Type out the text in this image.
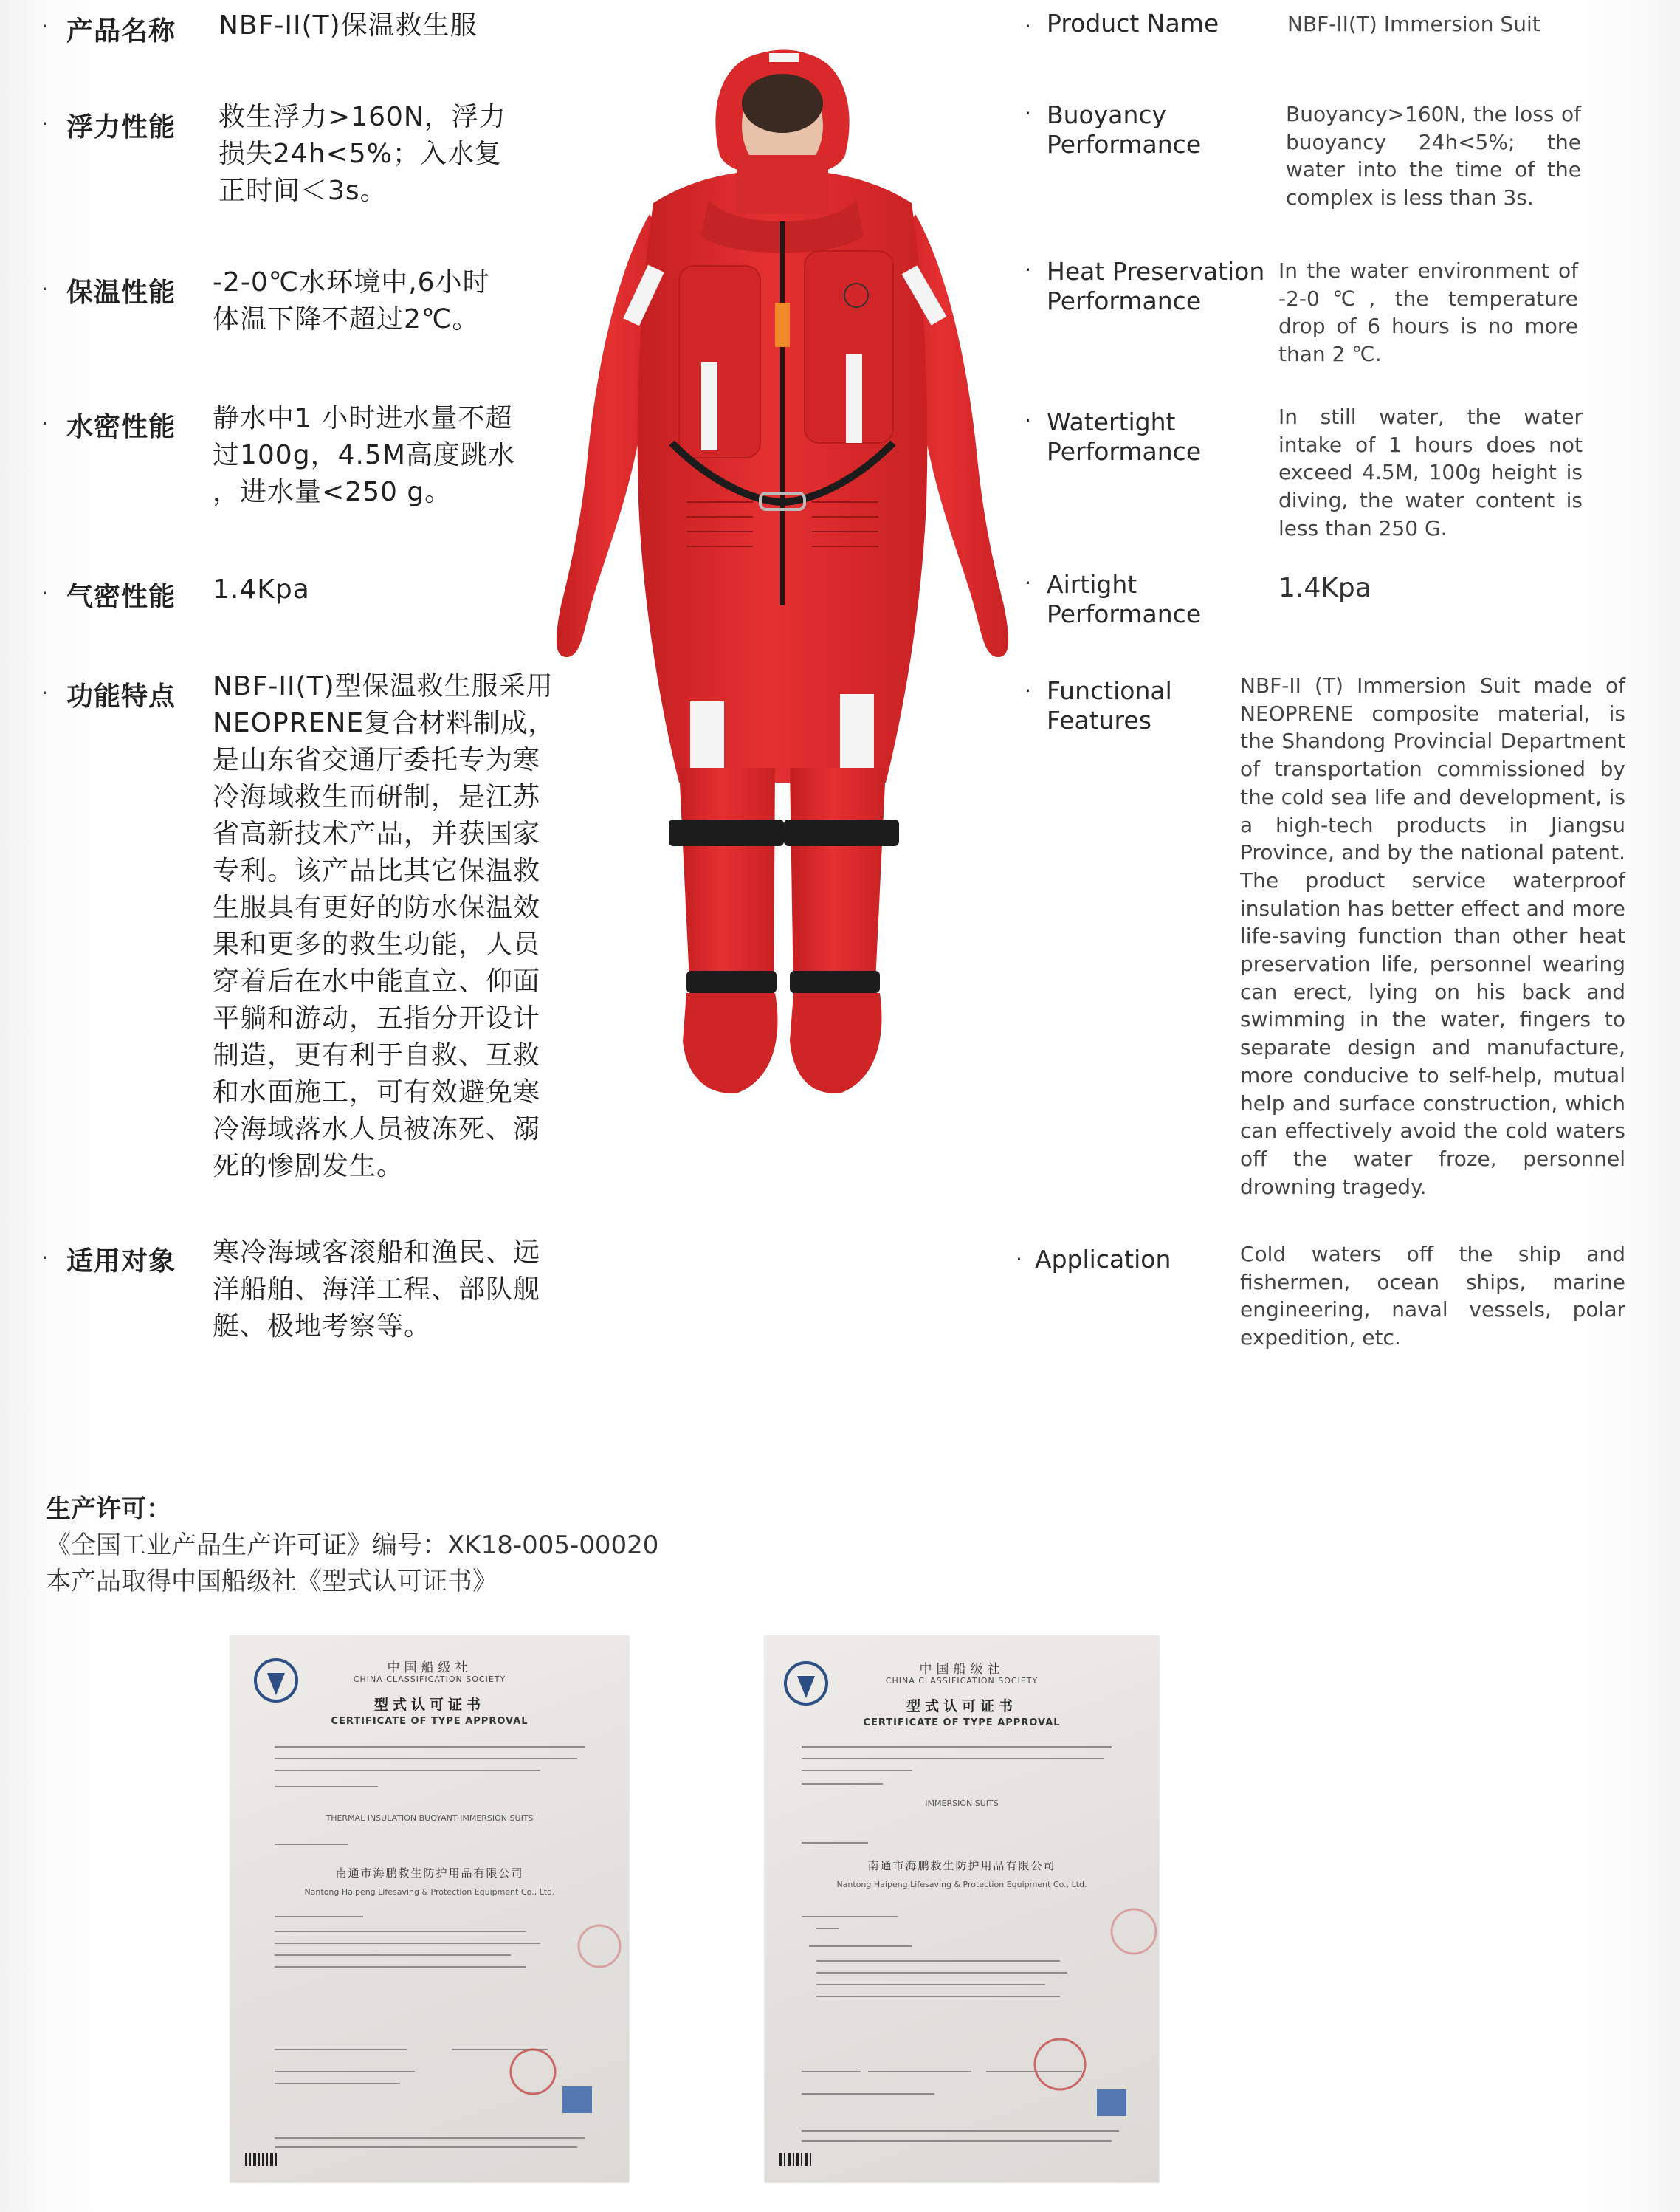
· 产品名称 NBF-II(T)保温救生服
· 浮力性能 救生浮力>160N，浮力
损失24h<5%；入水复
正时间＜3s。
· 保温性能 -2-0℃水环境中,6小时
体温下降不超过2℃。
· 水密性能 静水中1 小时进水量不超
过100g，4.5M高度跳水
，进水量<250 g。
· 气密性能 1.4Kpa
· 功能特点 NBF-II(T)型保温救生服采用
NEOPRENE复合材料制成，
是山东省交通厅委托专为寒
冷海域救生而研制，是江苏
省高新技术产品，并获国家
专利。该产品比其它保温救
生服具有更好的防水保温效
果和更多的救生功能，人员
穿着后在水中能直立、仰面
平躺和游动，五指分开设计
制造，更有利于自救、互救
和水面施工，可有效避免寒
冷海域落水人员被冻死、溺
死的惨剧发生。
· 适用对象 寒冷海域客滚船和渔民、远
洋船舶、海洋工程、部队舰
艇、极地考察等。
· Product Name	NBF-II(T) Immersion Suit
· Buoyancy
Performance
Buoyancy>160N, the loss of buoyancy 24h<5%; the water into the time of the complex is less than 3s.
· Heat Preservation
Performance
In the water environment of -2-0℃, the temperature drop of 6 hours is no more than 2 ℃.
· Watertight
Performance
In still water, the water intake of 1 hours does not exceed 4.5M, 100g height is diving, the water content is less than 250 G.
· Airtight
Performance
1.4Kpa
· Functional
Features
NBF-II (T) Immersion Suit made of NEOPRENE composite material, is the Shandong Provincial Department of transportation commissioned by the cold sea life and development, is a high-tech products in Jiangsu Province, and by the national patent. The product service waterproof insulation has better effect and more life-saving function than other heat preservation life, personnel wearing can erect, lying on his back and swimming in the water, fingers to separate design and manufacture, more conducive to self-help, mutual help and surface construction, which can effectively avoid the cold waters off the water froze, personnel drowning tragedy.
· Application	Cold waters off the ship and fishermen, ocean ships, marine engineering, naval vessels, polar expedition, etc.
生产许可：
《全国工业产品生产许可证》编号：XK18-005-00020
本产品取得中国船级社《型式认可证书》
中国船级社
CHINA CLASSIFICATION SOCIETY
型式认可证书
CERTIFICATE OF TYPE APPROVAL
THERMAL INSULATION BUOYANT IMMERSION SUITS
南通市海鹏救生防护用品有限公司
Nantong Haipeng Lifesaving & Protection Equipment Co., Ltd.
中国船级社
CHINA CLASSIFICATION SOCIETY
型式认可证书
CERTIFICATE OF TYPE APPROVAL
IMMERSION SUITS
南通市海鹏救生防护用品有限公司
Nantong Haipeng Lifesaving & Protection Equipment Co., Ltd.
